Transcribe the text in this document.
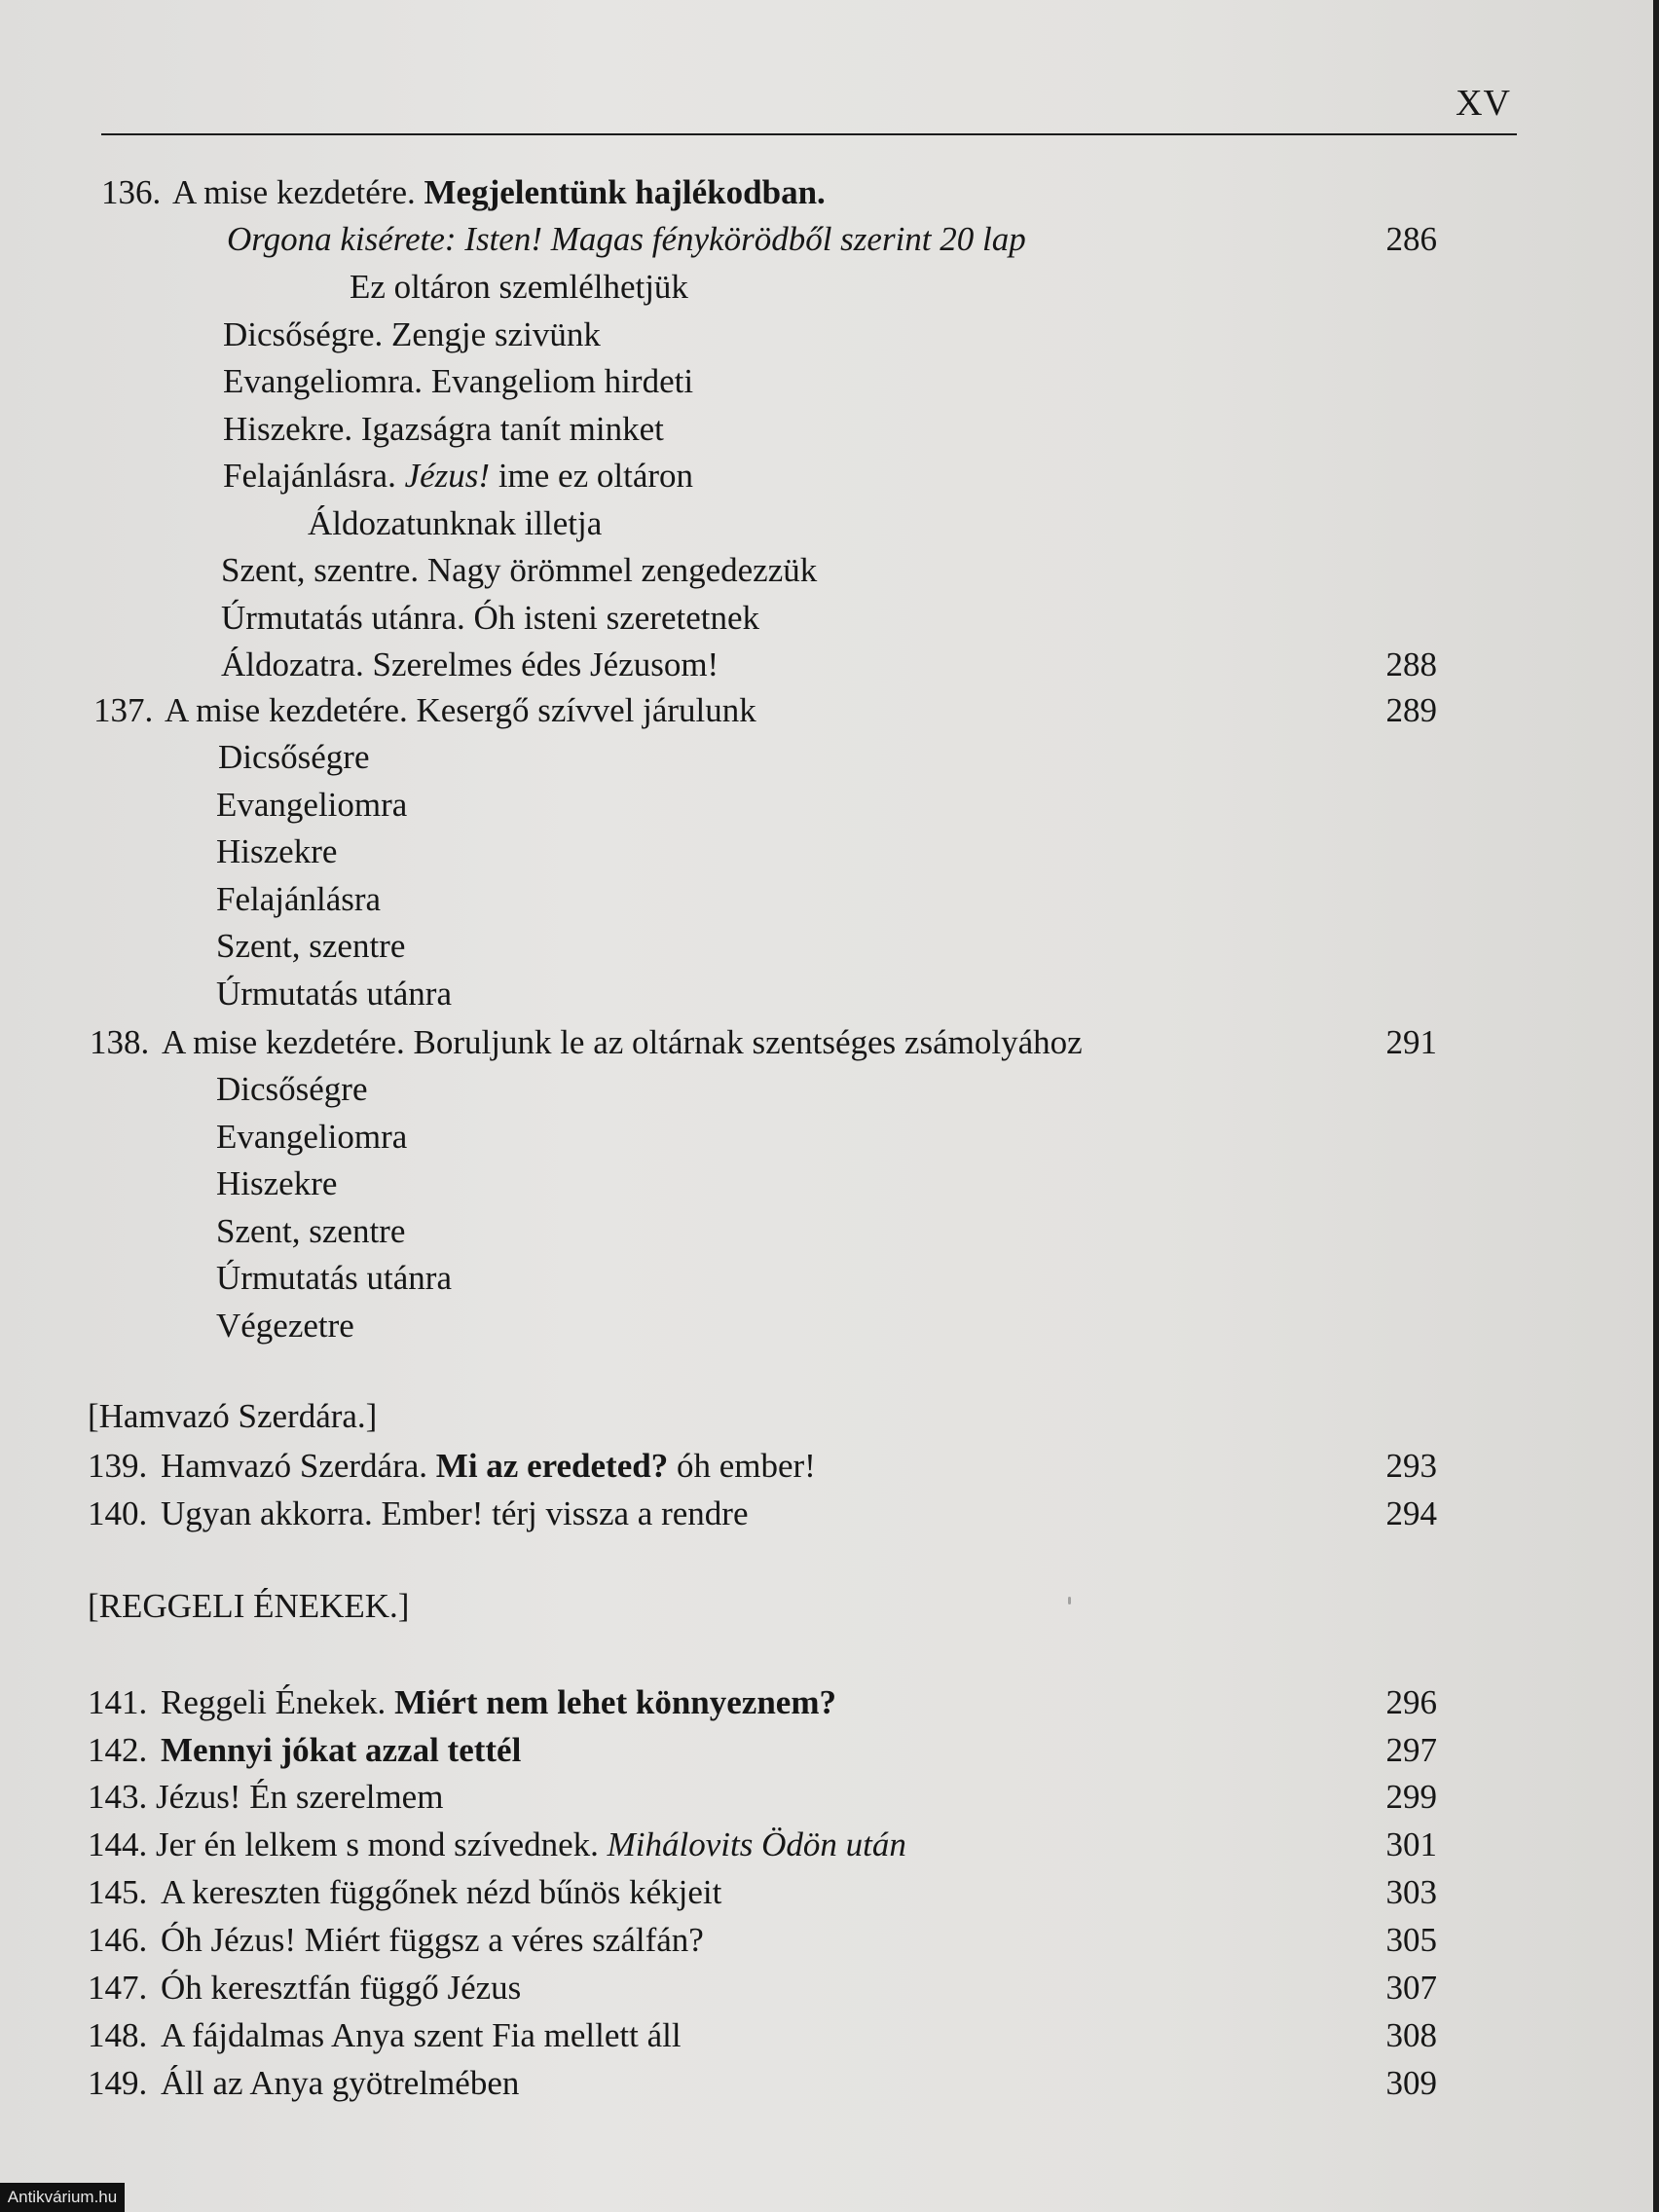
XV
136. A mise kezdetére. Megjelentünk hajlékodban.
Orgona kisérete: Isten! Magas fénykörödből szerint 20 lap	286
Ez oltáron szemlélhetjük
Dicsőségre. Zengje szivünk
Evangeliomra. Evangeliom hirdeti
Hiszekre. Igazságra tanít minket
Felajánlásra. Jézus! ime ez oltáron
Áldozatunknak illetja
Szent, szentre. Nagy örömmel zengedezzük
Úrmutatás utánra. Óh isteni szeretetnek
Áldozatra. Szerelmes édes Jézusom!	288
137. A mise kezdetére. Kesergő szívvel járulunk	289
Dicsőségre
Evangeliomra
Hiszekre
Felajánlásra
Szent, szentre
Úrmutatás utánra
138. A mise kezdetére. Boruljunk le az oltárnak szentséges zsámolyához	291
Dicsőségre
Evangeliomra
Hiszekre
Szent, szentre
Úrmutatás utánra
Végezetre
[Hamvazó Szerdára.]
139. Hamvazó Szerdára. Mi az eredeted? óh ember!	293
140. Ugyan akkorra. Ember! térj vissza a rendre	294
[REGGELI ÉNEKEK.]
141. Reggeli Énekek. Miért nem lehet könnyeznem?	296
142. Mennyi jókat azzal tettél	297
143. Jézus! Én szerelmem	299
144. Jer én lelkem s mond szívednek. Mihálovits Ödön után	301
145. A kereszten függőnek nézd bűnös kékjeit	303
146. Óh Jézus! Miért függsz a véres szálfán?	305
147. Óh keresztfán függő Jézus	307
148. A fájdalmas Anya szent Fia mellett áll	308
149. Áll az Anya gyötrelmében	309
Antikvárium.hu
